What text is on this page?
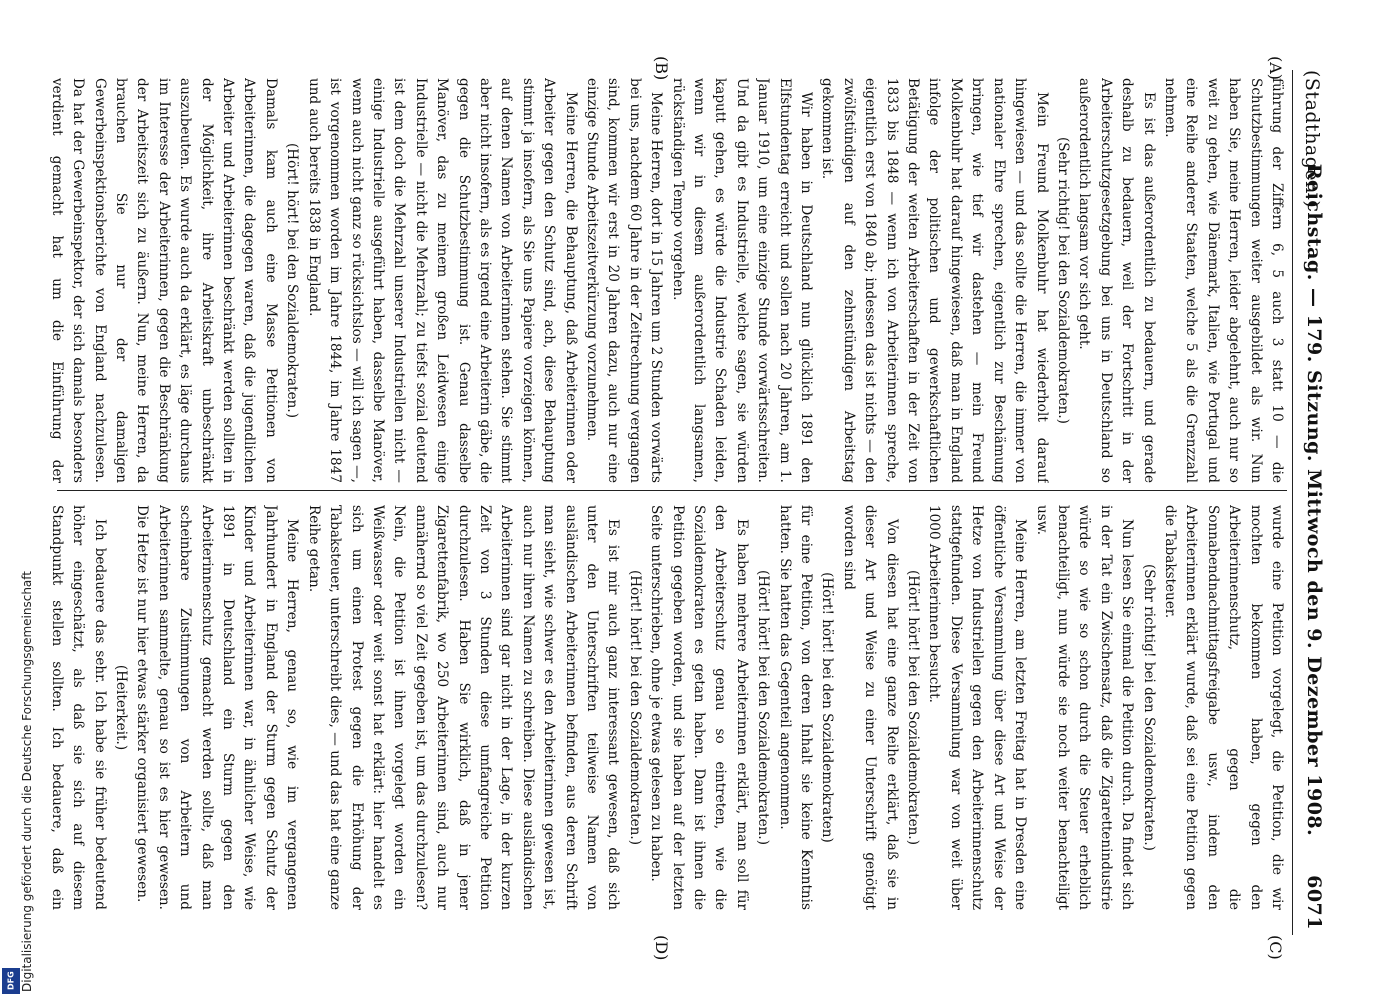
(Stadthagen.)
Reichstag. — 179. Sitzung. Mittwoch den 9. Dezember 1908.
6071
(A)
(B)
(C)
(D)

führung der Ziffern 6, 5 auch 3 statt 10 — die Schutzbestimmungen weiter ausgebildet als wir. Nun haben Sie, meine Herren, leider abgelehnt, auch nur so weit zu gehen, wie Dänemark, Italien, wie Portugal und eine Reihe anderer Staaten, welche 5 als die Grenzzahl nehmen.

Es ist das außerordentlich zu bedauern, und gerade deshalb zu bedauern, weil der Fortschritt in der Arbeiterschutzgesetzgebung bei uns in Deutschland so außerordentlich langsam vor sich geht.

(Sehr richtig! bei den Sozialdemokraten.)

Mein Freund Molkenbuhr hat wiederholt darauf hingewiesen — und das sollte die Herren, die immer von nationaler Ehre sprechen, eigentlich zur Beschämung bringen, wie tief wir dastehen — mein Freund Molkenbuhr hat darauf hingewiesen, daß man in England infolge der politischen und gewerkschaftlichen Betätigung der weiten Arbeiterschaften in der Zeit von 1833 bis 1848 — wenn ich von Arbeiterinnen spreche, eigentlich erst von 1840 ab; indessen das ist nichts — den zwölfstündigen auf den zehnstündigen Arbeitstag gekommen ist.

Wir haben in Deutschland nun glücklich 1891 den Elfstundentag erreicht und sollen nach 20 Jahren, am 1. Januar 1910, um eine einzige Stunde vorwärtsschreiten. Und da gibt es Industrielle, welche sagen, sie würden kaputt gehen, es würde die Industrie Schaden leiden, wenn wir in diesem außerordentlich langsamen, rückständigen Tempo vorgehen.

Meine Herren, dort in 15 Jahren um 2 Stunden vorwärts bei uns, nachdem 60 Jahre in der Zeitrechnung vergangen sind, kommen wir erst in 20 Jahren dazu, auch nur eine einzige Stunde Arbeitszeitverkürzung vorzunehmen.

Meine Herren, die Behauptung, daß Arbeiterinnen oder Arbeiter gegen den Schutz sind, ach, diese Behauptung stimmt ja insofern, als Sie uns Papiere vorzeigen können, auf denen Namen von Arbeiterinnen stehen. Sie stimmt aber nicht insofern, als es irgend eine Arbeiterin gäbe, die gegen die Schutzbestimmung ist. Genau dasselbe Manöver, das zu meinem großen Leidwesen einige Industrielle — nicht die Mehrzahl; zu tiefst sozial deutend ist dem doch die Mehrzahl unserer Industriellen nicht — einige Industrielle ausgeführt haben, dasselbe Manöver, wenn auch nicht ganz so rücksichtslos — will ich sagen —, ist vorgenommen worden im Jahre 1844, im Jahre 1847 und auch bereits 1838 in England.

(Hört! hört! bei den Sozialdemokraten.)

Damals kam auch eine Masse Petitionen von Arbeiterinnen, die dagegen waren, daß die jugendlichen Arbeiter und Arbeiterinnen beschränkt werden sollten in der Möglichkeit, ihre Arbeitskraft unbeschränkt auszubeuten. Es wurde auch da erklärt, es läge durchaus im Interesse der Arbeiterinnen, gegen die Beschränkung der Arbeitszeit sich zu äußern. Nun, meine Herren, da brauchen Sie nur der damaligen Gewerbeinspektionsberichte von England nachzulesen. Da hat der Gewerbeinspektor, der sich damals besonders verdient gemacht hat um die Einführung der

wurde eine Petition vorgelegt, die Petition, die wir mochten bekommen haben, gegen den Arbeiterinnenschutz, gegen die Sonnabendnachmittagsfreigabe usw., indem den Arbeiterinnen erklärt wurde, daß sei eine Petition gegen die Tabaksteuer.

(Sehr richtig! bei den Sozialdemokraten.)

Nun lesen Sie einmal die Petition durch. Da findet sich in der Tat ein Zwischensatz, daß die Zigarettenindustrie würde so wie so schon durch die Steuer erheblich benachteiligt, nun würde sie noch weiter benachteiligt usw.

Meine Herren, am letzten Freitag hat in Dresden eine öffentliche Versammlung über diese Art und Weise der Hetze von Industriellen gegen den Arbeiterinnenschutz stattgefunden. Diese Versammlung war von weit über 1000 Arbeiterinnen besucht.

(Hört! hört! bei den Sozialdemokraten.)

Von diesen hat eine ganze Reihe erklärt, daß sie in dieser Art und Weise zu einer Unterschrift genötigt worden sind

(Hört! hört! bei den Sozialdemokraten)

für eine Petition, von deren Inhalt sie keine Kenntnis hatten. Sie hatten das Gegenteil angenommen.

(Hört! hört! bei den Sozialdemokraten.)

Es haben mehrere Arbeiterinnen erklärt, man soll für den Arbeiterschutz genau so eintreten, wie die Sozialdemokraten es getan haben. Dann ist ihnen die Petition gegeben worden, und sie haben auf der letzten Seite unterschrieben, ohne je etwas gelesen zu haben.

(Hört! hört! bei den Sozialdemokraten.)

Es ist mir auch ganz interessant gewesen, daß sich unter den Unterschriften teilweise Namen von ausländischen Arbeiterinnen befinden, aus deren Schrift man sieht, wie schwer es den Arbeiterinnen gewesen ist, auch nur ihren Namen zu schreiben. Diese ausländischen Arbeiterinnen sind gar nicht in der Lage, in der kurzen Zeit von 3 Stunden diese umfangreiche Petition durchzulesen. Haben Sie wirklich, daß in jener Zigarettenfabrik, wo 250 Arbeiterinnen sind, auch nur annähernd so viel Zeit gegeben ist, um das durchzulesen? Nein, die Petition ist ihnen vorgelegt worden ein Weißwasser oder weit sonst hat erklärt: hier handelt es sich um einen Protest gegen die Erhöhung der Tabaksteuer, unterschreibt dies, — und das hat eine ganze Reihe getan.

Meine Herren, genau so, wie im vergangenen Jahrhundert in England der Sturm gegen Schutz der Kinder und Arbeiterinnen war, in ähnlicher Weise, wie 1891 in Deutschland ein Sturm gegen den Arbeiterinnenschutz gemacht werden sollte, daß man scheinbare Zustimmungen von Arbeitern und Arbeiterinnen sammelte, genau so ist es hier gewesen. Die Hetze ist nur hier etwas stärker organisiert gewesen.

(Heiterkeit.)

Ich bedauere das sehr. Ich habe sie früher bedeutend höher eingeschätzt, als daß sie sich auf diesem Standpunkt stellen sollten. Ich bedauere, daß ein

DFG Digitalisierung gefördert durch die Deutsche Forschungsgemeinschaft
